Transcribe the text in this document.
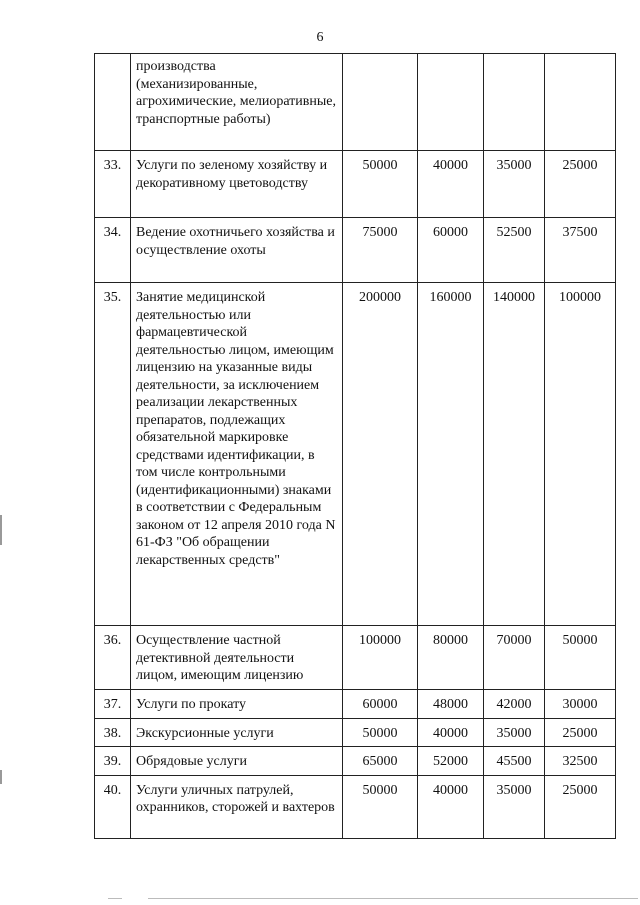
6
	производства (механизированные, агрохимические, мелиоративные, транспортные работы)				
33.	Услуги по зеленому хозяйству и декоративному цветоводству	50000	40000	35000	25000
34.	Ведение охотничьего хозяйства и осуществление охоты	75000	60000	52500	37500
35.	Занятие медицинской деятельностью или фармацевтической деятельностью лицом, имеющим лицензию на указанные виды деятельности, за исключением реализации лекарственных препаратов, подлежащих обязательной маркировке средствами идентификации, в том числе контрольными (идентификационными) знаками в соответствии с Федеральным законом от 12 апреля 2010 года N 61-ФЗ "Об обращении лекарственных средств"	200000	160000	140000	100000
36.	Осуществление частной детективной деятельности лицом, имеющим лицензию	100000	80000	70000	50000
37.	Услуги по прокату	60000	48000	42000	30000
38.	Экскурсионные услуги	50000	40000	35000	25000
39.	Обрядовые услуги	65000	52000	45500	32500
40.	Услуги уличных патрулей, охранников, сторожей и вахтеров	50000	40000	35000	25000
